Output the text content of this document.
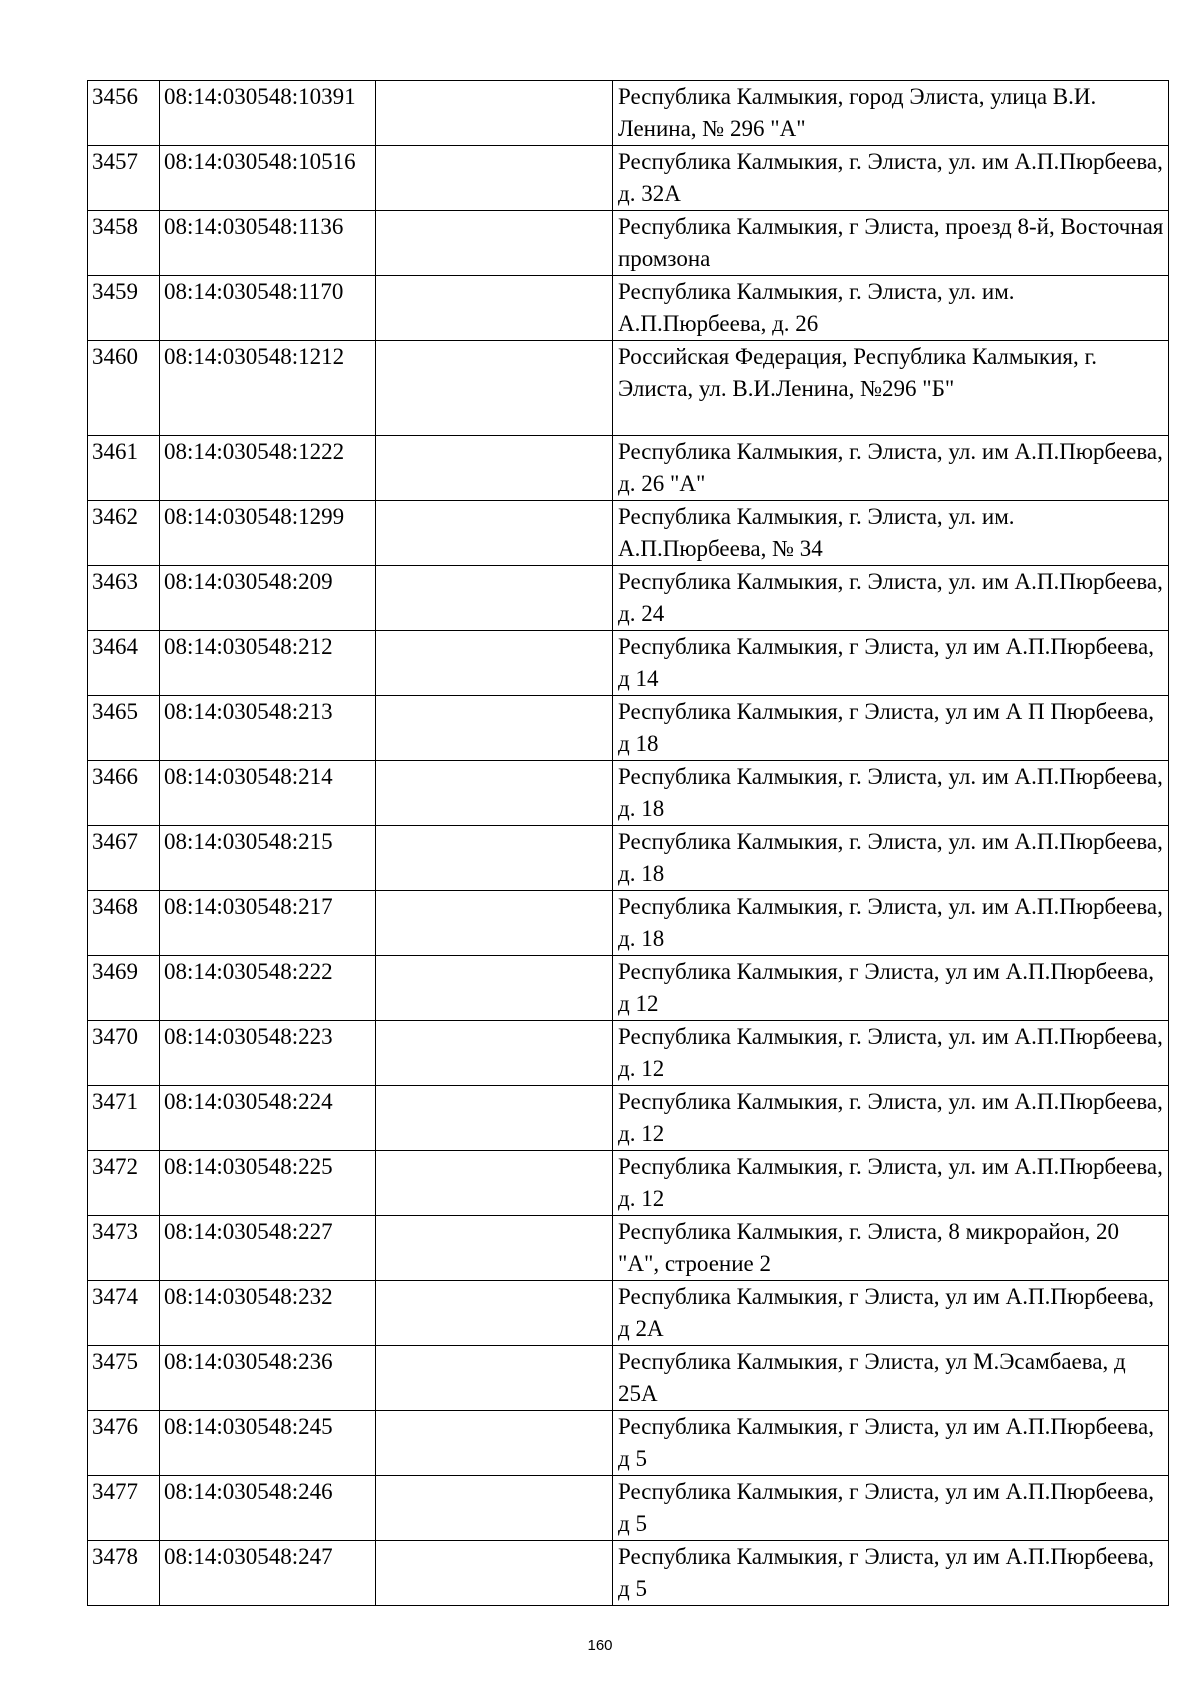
3456	08:14:030548:10391		Республика Калмыкия, город Элиста, улица В.И. Ленина, № 296 "А"
3457	08:14:030548:10516		Республика Калмыкия, г. Элиста, ул. им А.П.Пюрбеева, д. 32А
3458	08:14:030548:1136		Республика Калмыкия, г Элиста, проезд 8-й, Восточная промзона
3459	08:14:030548:1170		Республика Калмыкия, г. Элиста, ул. им. А.П.Пюрбеева, д. 26
3460	08:14:030548:1212		Российская Федерация, Республика Калмыкия, г. Элиста, ул. В.И.Ленина, №296 "Б"
3461	08:14:030548:1222		Республика Калмыкия, г. Элиста, ул. им А.П.Пюрбеева, д. 26 "А"
3462	08:14:030548:1299		Республика Калмыкия, г. Элиста, ул. им. А.П.Пюрбеева, № 34
3463	08:14:030548:209		Республика Калмыкия, г. Элиста, ул. им А.П.Пюрбеева, д. 24
3464	08:14:030548:212		Республика Калмыкия, г Элиста, ул им А.П.Пюрбеева, д 14
3465	08:14:030548:213		Республика Калмыкия, г Элиста, ул им А П Пюрбеева, д 18
3466	08:14:030548:214		Республика Калмыкия, г. Элиста, ул. им А.П.Пюрбеева, д. 18
3467	08:14:030548:215		Республика Калмыкия, г. Элиста, ул. им А.П.Пюрбеева, д. 18
3468	08:14:030548:217		Республика Калмыкия, г. Элиста, ул. им А.П.Пюрбеева, д. 18
3469	08:14:030548:222		Республика Калмыкия, г Элиста, ул им А.П.Пюрбеева, д 12
3470	08:14:030548:223		Республика Калмыкия, г. Элиста, ул. им А.П.Пюрбеева, д. 12
3471	08:14:030548:224		Республика Калмыкия, г. Элиста, ул. им А.П.Пюрбеева, д. 12
3472	08:14:030548:225		Республика Калмыкия, г. Элиста, ул. им А.П.Пюрбеева, д. 12
3473	08:14:030548:227		Республика Калмыкия, г. Элиста, 8 микрорайон, 20 "А", строение 2
3474	08:14:030548:232		Республика Калмыкия, г Элиста, ул им А.П.Пюрбеева, д 2А
3475	08:14:030548:236		Республика Калмыкия, г Элиста, ул М.Эсамбаева, д 25А
3476	08:14:030548:245		Республика Калмыкия, г Элиста, ул им А.П.Пюрбеева, д 5
3477	08:14:030548:246		Республика Калмыкия, г Элиста, ул им А.П.Пюрбеева, д 5
3478	08:14:030548:247		Республика Калмыкия, г Элиста, ул им А.П.Пюрбеева, д 5
160
